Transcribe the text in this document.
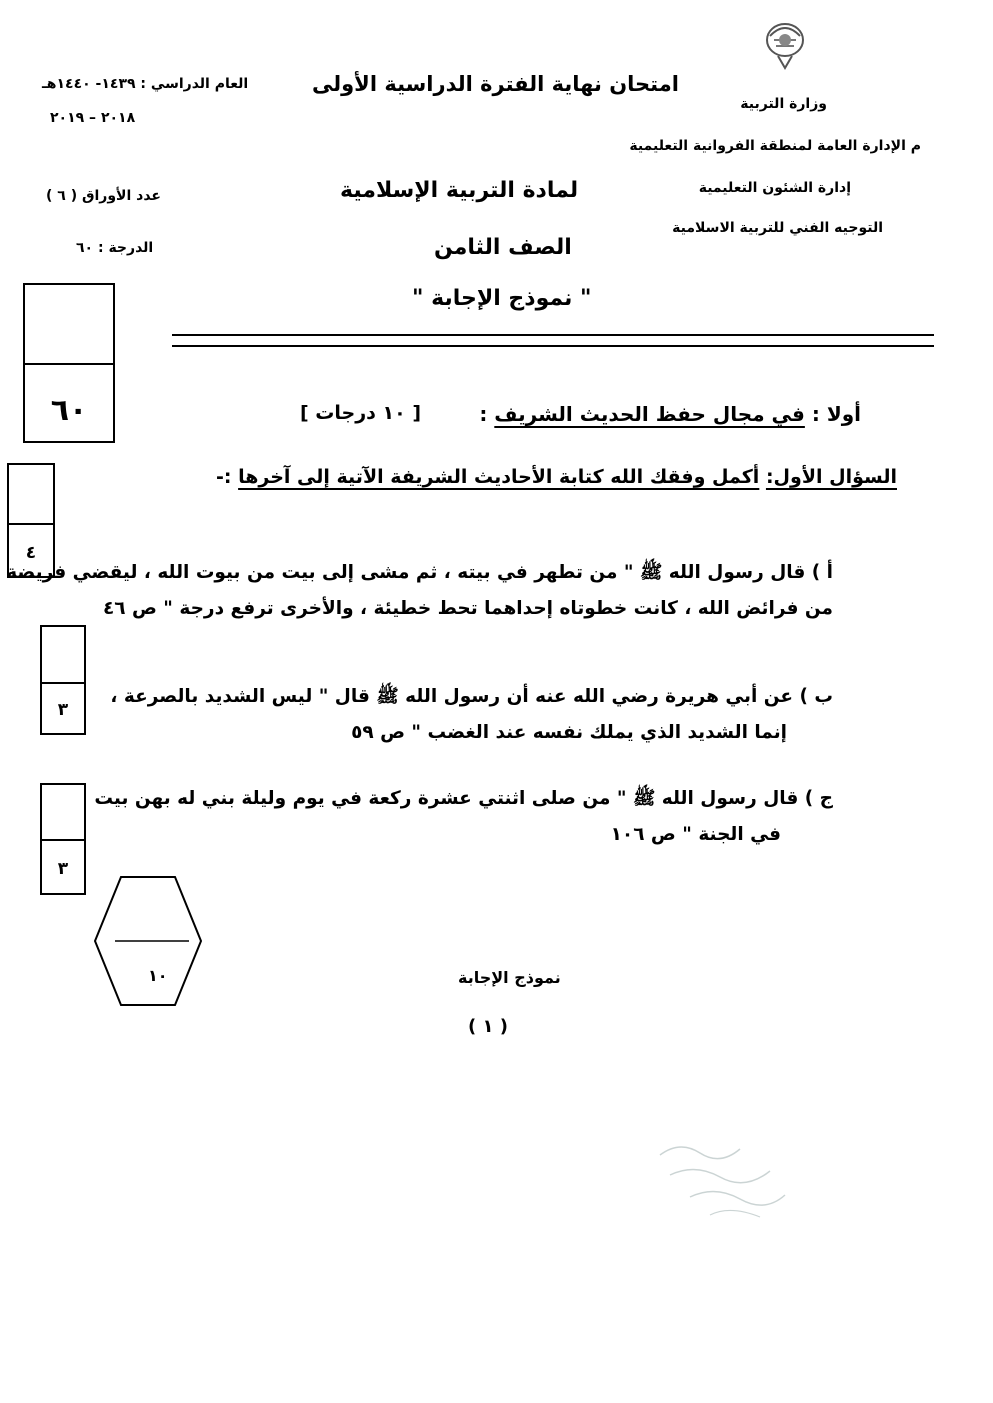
وزارة التربية
م الإدارة العامة لمنطقة الفروانية التعليمية
إدارة الشئون التعليمية
التوجيه الفني للتربية الاسلامية
امتحان نهاية الفترة الدراسية الأولى
لمادة التربية الإسلامية
الصف الثامن
" نموذج الإجابة "
العام الدراسي : ١٤٣٩- ١٤٤٠هـ
٢٠١٨ – ٢٠١٩
عدد الأوراق ( ٦ )
الدرجة : ٦٠
٦٠	أولا : في مجال حفظ الحديث الشريف :
[ ١٠ درجات ]
٤
السؤال الأول: أكمل وفقك الله كتابة الأحاديث الشريفة الآتية إلى آخرها :-
أ ) قال رسول الله ﷺ " من تطهر في بيته ، ثم مشى إلى بيت من بيوت الله ، ليقضي فريضة
من فرائض الله ، كانت خطوتاه إحداهما تحط خطيئة ، والأخرى ترفع درجة " ص ٤٦
٣
ب ) عن أبي هريرة رضي الله عنه أن رسول الله ﷺ قال " ليس الشديد بالصرعة ،
إنما الشديد الذي يملك نفسه عند الغضب " ص ٥٩
٣
ج ) قال رسول الله ﷺ " من صلى اثنتي عشرة ركعة في يوم وليلة بني له بهن بيت
في الجنة " ص ١٠٦
١٠	نموذج الإجابة
( ١ )
